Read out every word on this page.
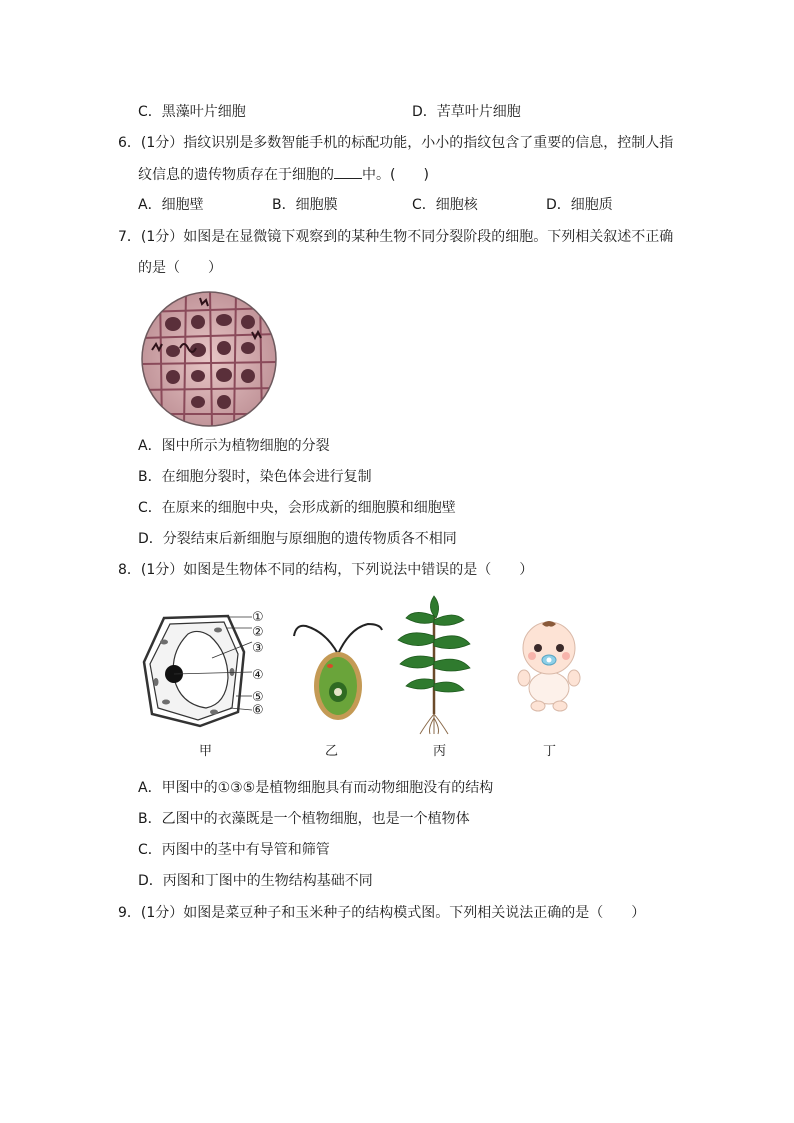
C．黑藻叶片细胞	D．苦草叶片细胞
6．(1分）指纹识别是多数智能手机的标配功能，小小的指纹包含了重要的信息，控制人指
纹信息的遗传物质存在于细胞的 中。(　　)
A．细胞壁	B．细胞膜	C．细胞核	D．细胞质
7．(1分）如图是在显微镜下观察到的某种生物不同分裂阶段的细胞。下列相关叙述不正确
的是（　　）
A．图中所示为植物细胞的分裂
B．在细胞分裂时，染色体会进行复制
C．在原来的细胞中央，会形成新的细胞膜和细胞壁
D．分裂结束后新细胞与原细胞的遗传物质各不相同
8．(1分）如图是生物体不同的结构，下列说法中错误的是（　　）
①
②
③
④
⑤
⑥
甲	乙	丙	丁
A．甲图中的①③⑤是植物细胞具有而动物细胞没有的结构
B．乙图中的衣藻既是一个植物细胞，也是一个植物体
C．丙图中的茎中有导管和筛管
D．丙图和丁图中的生物结构基础不同
9．(1分）如图是菜豆种子和玉米种子的结构模式图。下列相关说法正确的是（　　）
